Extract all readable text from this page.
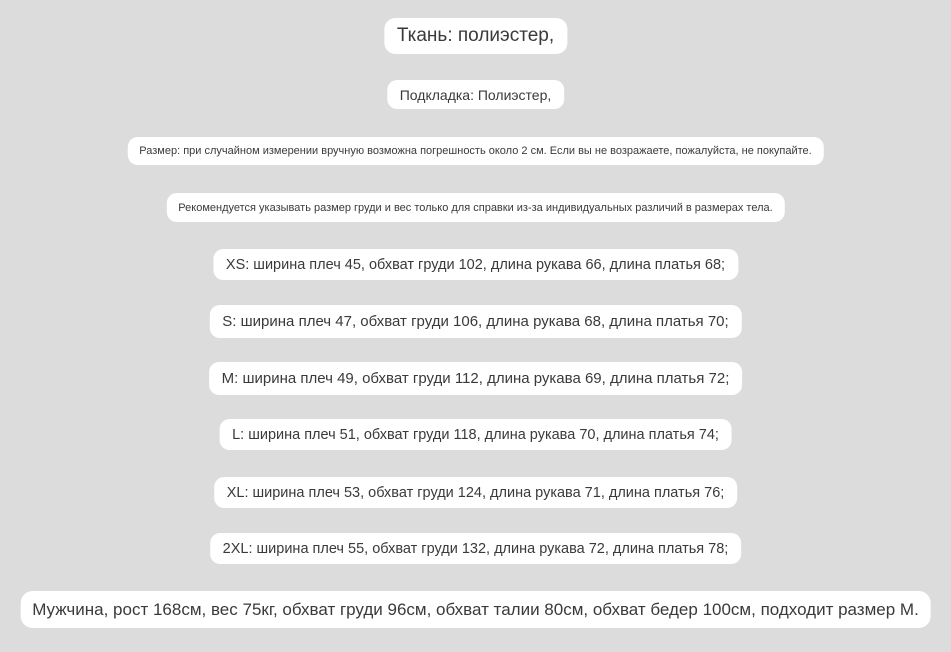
Ткань: полиэстер,
Подкладка: Полиэстер,
Размер: при случайном измерении вручную возможна погрешность около 2 см. Если вы не возражаете, пожалуйста, не покупайте.
Рекомендуется указывать размер груди и вес только для справки из-за индивидуальных различий в размерах тела.
XS: ширина плеч 45, обхват груди 102, длина рукава 66, длина платья 68;
S: ширина плеч 47, обхват груди 106, длина рукава 68, длина платья 70;
M: ширина плеч 49, обхват груди 112, длина рукава 69, длина платья 72;
L: ширина плеч 51, обхват груди 118, длина рукава 70, длина платья 74;
XL: ширина плеч 53, обхват груди 124, длина рукава 71, длина платья 76;
2XL: ширина плеч 55, обхват груди 132, длина рукава 72, длина платья 78;
Мужчина, рост 168см, вес 75кг, обхват груди 96см, обхват талии 80см, обхват бедер 100см, подходит размер M.
